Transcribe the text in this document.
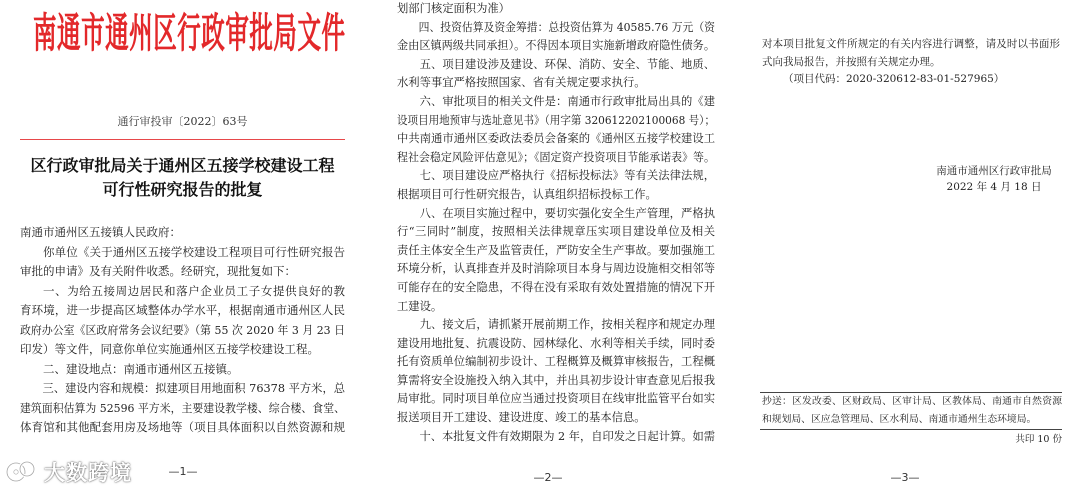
南通市通州区行政审批局文件
通行审投审〔2022〕63号
区行政审批局关于通州区五接学校建设工程
可行性研究报告的批复
南通市通州区五接镇人民政府：
你单位《关于通州区五接学校建设工程项目可行性研究报告
审批的申请》及有关附件收悉。经研究，现批复如下：
一、为给五接周边居民和落户企业员工子女提供良好的教
育环境，进一步提高区域整体办学水平，根据南通市通州区人民
政府办公室《区政府常务会议纪要》（第 55 次 2020 年 3 月 23 日
印发）等文件，同意你单位实施通州区五接学校建设工程。
二、建设地点：南通市通州区五接镇。
三、建设内容和规模：拟建项目用地面积 76378 平方米，总
建筑面积估算为 52596 平方米，主要建设教学楼、综合楼、食堂、
体育馆和其他配套用房及场地等（项目具体面积以自然资源和规
—1—
划部门核定面积为准）
四、投资估算及资金筹措：总投资估算为 40585.76 万元（资
金由区镇两级共同承担）。不得因本项目实施新增政府隐性债务。
五、项目建设涉及建设、环保、消防、安全、节能、地质、
水利等事宜严格按照国家、省有关规定要求执行。
六、审批项目的相关文件是：南通市行政审批局出具的《建
设项目用地预审与选址意见书》（用字第 320612202100068 号）；
中共南通市通州区委政法委员会备案的《通州区五接学校建设工
程社会稳定风险评估意见》；《固定资产投资项目节能承诺表》等。
七、项目建设应严格执行《招标投标法》等有关法律法规，
根据项目可行性研究报告，认真组织招标投标工作。
八、在项目实施过程中，要切实强化安全生产管理，严格执
行“三同时”制度，按照相关法律规章压实项目建设单位及相关
责任主体安全生产及监管责任，严防安全生产事故。要加强施工
环境分析，认真排查并及时消除项目本身与周边设施相交相邻等
可能存在的安全隐患，不得在没有采取有效处置措施的情况下开
工建设。
九、接文后，请抓紧开展前期工作，按相关程序和规定办理
建设用地批复、抗震设防、园林绿化、水利等相关手续，同时委
托有资质单位编制初步设计、工程概算及概算审核报告，工程概
算需将安全设施投入纳入其中，并出具初步设计审查意见后报我
局审批。同时项目单位应当通过投资项目在线审批监管平台如实
报送项目开工建设、建设进度、竣工的基本信息。
十、本批复文件有效期限为 2 年，自印发之日起计算。如需
—2—
对本项目批复文件所规定的有关内容进行调整，请及时以书面形
式向我局报告，并按照有关规定办理。
（项目代码：2020-320612-83-01-527965）
南通市通州区行政审批局
2022 年 4 月 18 日
抄送：区发改委、区财政局、区审计局、区教体局、南通市自然资源
和规划局、区应急管理局、区水利局、南通市通州生态环境局。
共印 10 份
—3—
大数跨境
